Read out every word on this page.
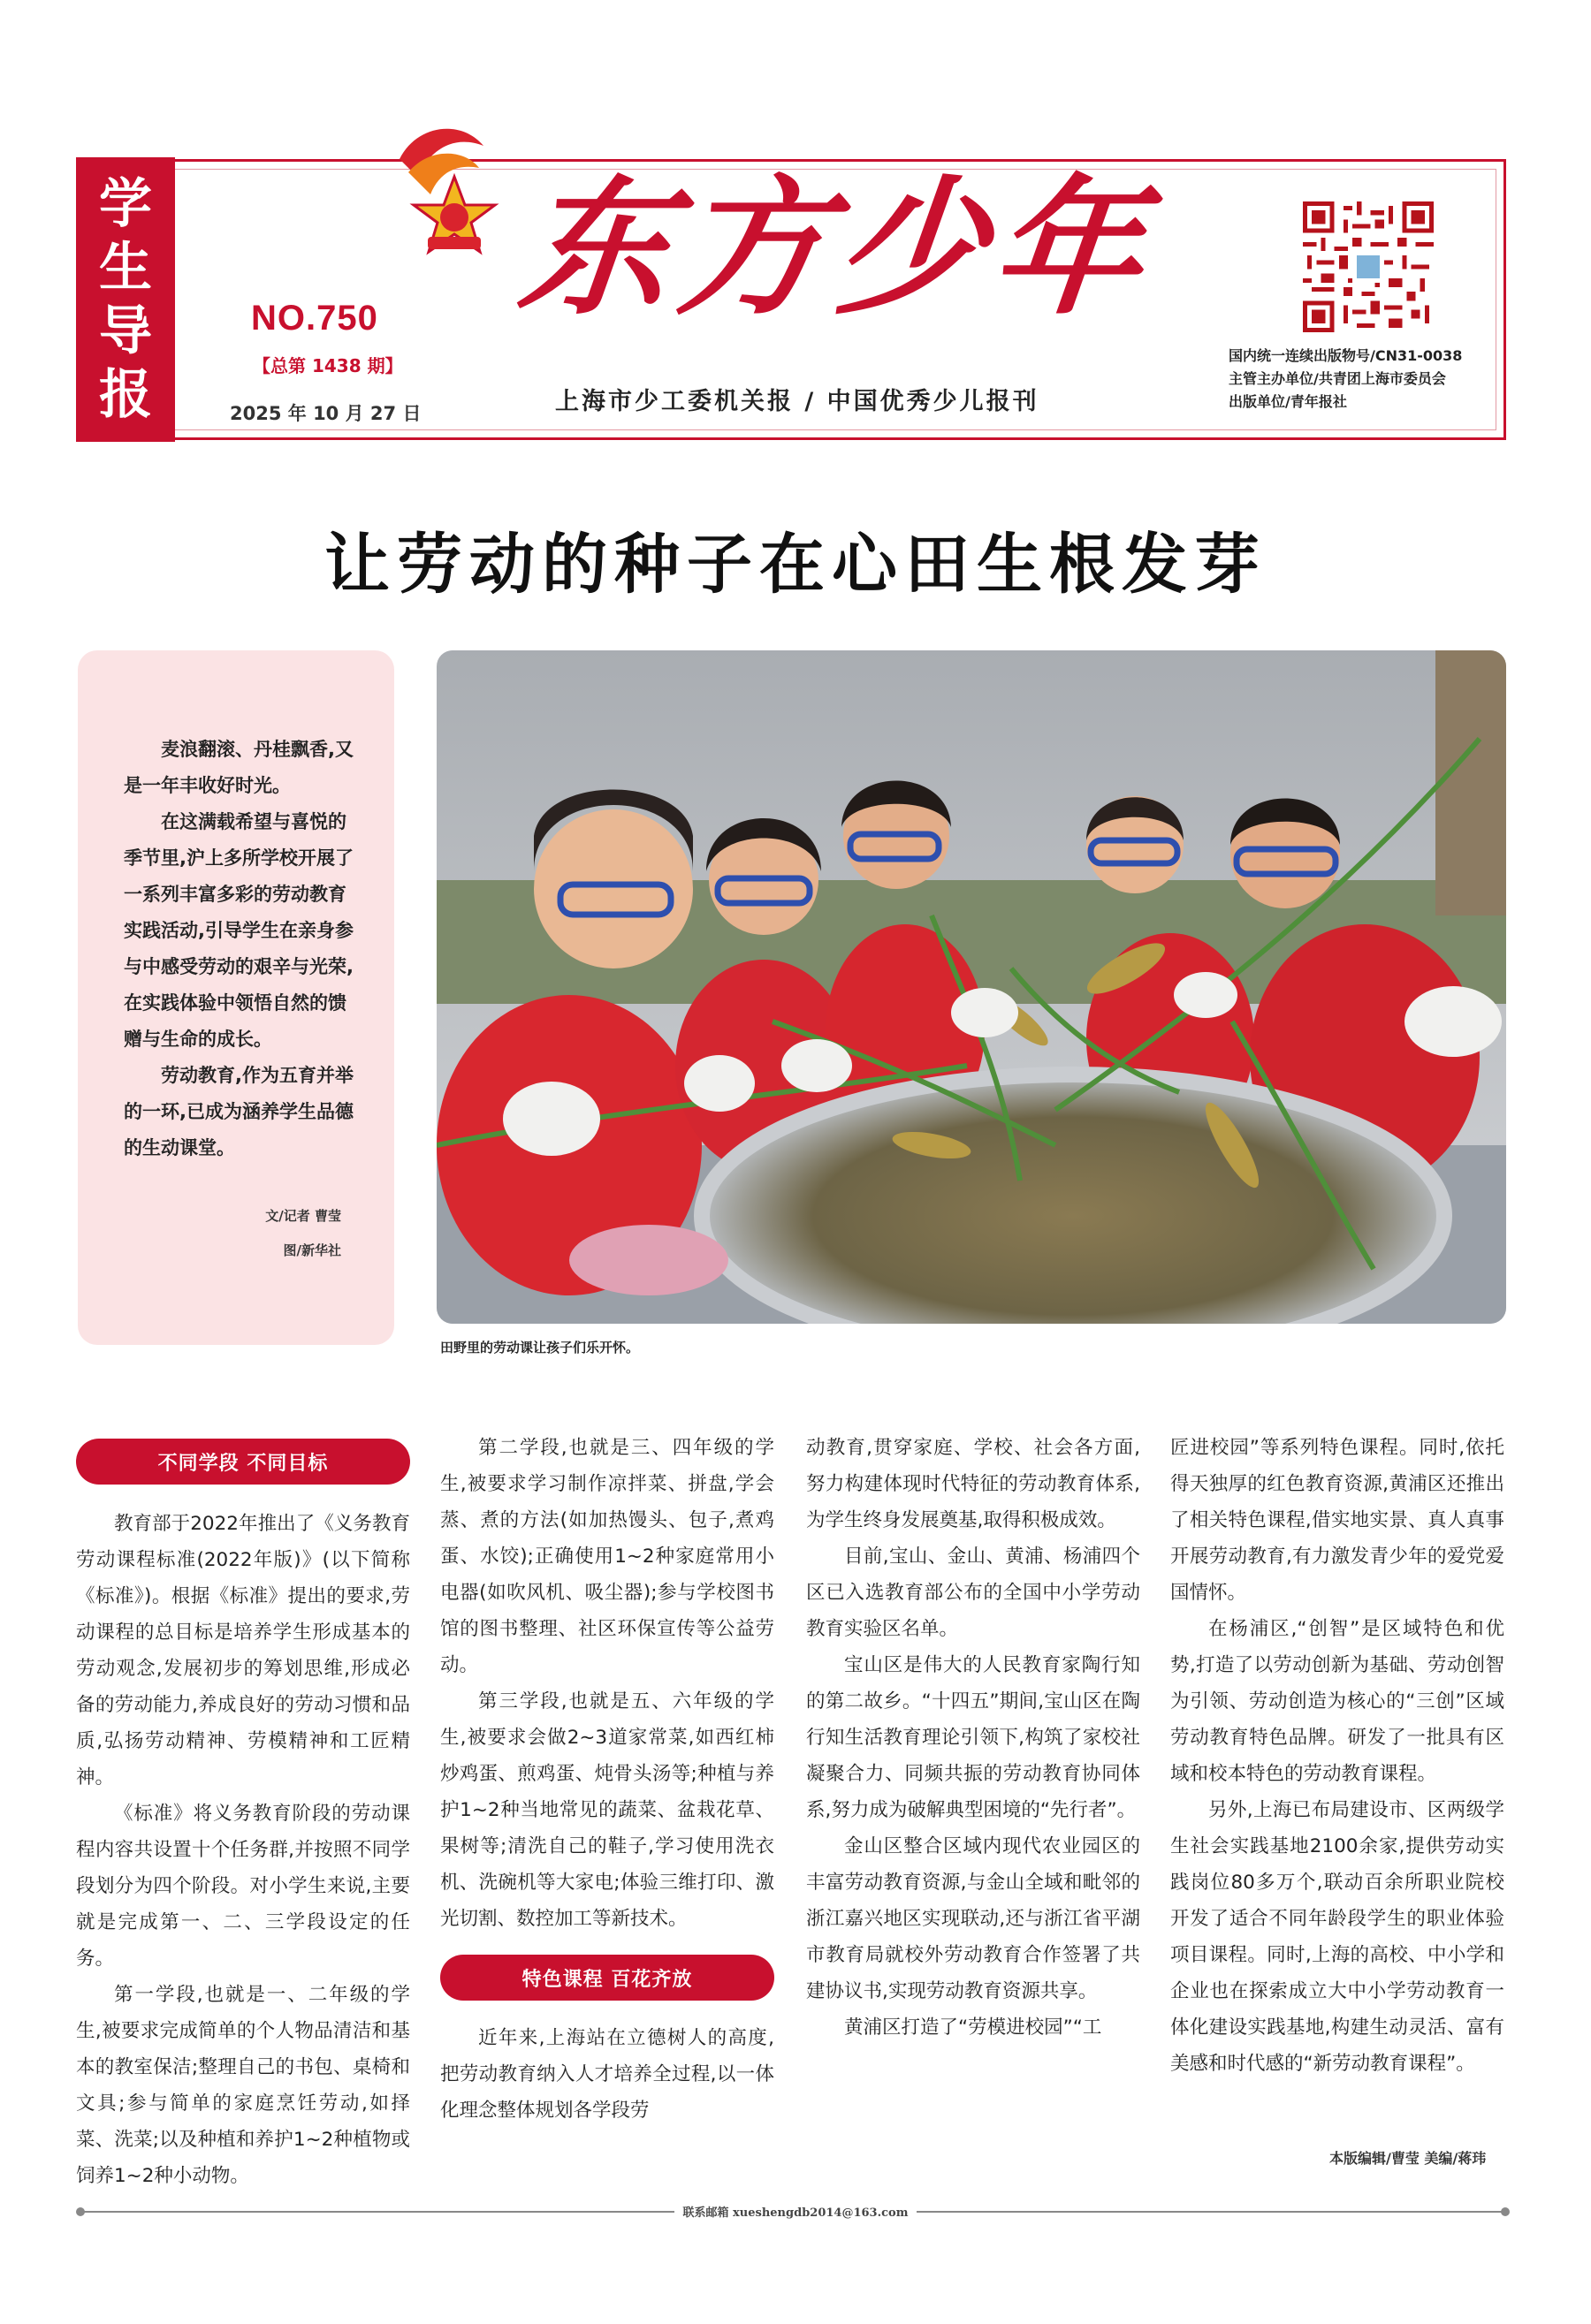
学
生
导
报
东方少年
上海市少工委机关报 / 中国优秀少儿报刊
NO.750
【总第 1438 期】
2025 年 10 月 27 日
国内统一连续出版物号/CN31-0038
主管主办单位/共青团上海市委员会
出版单位/青年报社
让劳动的种子在心田生根发芽

麦浪翻滚、丹桂飘香,又是一年丰收好时光。

在这满载希望与喜悦的季节里,沪上多所学校开展了一系列丰富多彩的劳动教育实践活动,引导学生在亲身参与中感受劳动的艰辛与光荣,在实践体验中领悟自然的馈赠与生命的成长。

劳动教育,作为五育并举的一环,已成为涵养学生品德的生动课堂。

文/记者 曹莹
图/新华社
田野里的劳动课让孩子们乐开怀。
不同学段 不同目标

教育部于2022年推出了《义务教育劳动课程标准(2022年版)》(以下简称《标准》)。根据《标准》提出的要求,劳动课程的总目标是培养学生形成基本的劳动观念,发展初步的筹划思维,形成必备的劳动能力,养成良好的劳动习惯和品质,弘扬劳动精神、劳模精神和工匠精神。

《标准》将义务教育阶段的劳动课程内容共设置十个任务群,并按照不同学段划分为四个阶段。对小学生来说,主要就是完成第一、二、三学段设定的任务。

第一学段,也就是一、二年级的学生,被要求完成简单的个人物品清洁和基本的教室保洁;整理自己的书包、桌椅和文具;参与简单的家庭烹饪劳动,如择菜、洗菜;以及种植和养护1~2种植物或饲养1~2种小动物。

第二学段,也就是三、四年级的学生,被要求学习制作凉拌菜、拼盘,学会蒸、煮的方法(如加热馒头、包子,煮鸡蛋、水饺);正确使用1~2种家庭常用小电器(如吹风机、吸尘器);参与学校图书馆的图书整理、社区环保宣传等公益劳动。

第三学段,也就是五、六年级的学生,被要求会做2~3道家常菜,如西红柿炒鸡蛋、煎鸡蛋、炖骨头汤等;种植与养护1~2种当地常见的蔬菜、盆栽花草、果树等;清洗自己的鞋子,学习使用洗衣机、洗碗机等大家电;体验三维打印、激光切割、数控加工等新技术。

特色课程 百花齐放

近年来,上海站在立德树人的高度,把劳动教育纳入人才培养全过程,以一体化理念整体规划各学段劳

动教育,贯穿家庭、学校、社会各方面,努力构建体现时代特征的劳动教育体系,为学生终身发展奠基,取得积极成效。

目前,宝山、金山、黄浦、杨浦四个区已入选教育部公布的全国中小学劳动教育实验区名单。

宝山区是伟大的人民教育家陶行知的第二故乡。“十四五”期间,宝山区在陶行知生活教育理论引领下,构筑了家校社凝聚合力、同频共振的劳动教育协同体系,努力成为破解典型困境的“先行者”。

金山区整合区域内现代农业园区的丰富劳动教育资源,与金山全域和毗邻的浙江嘉兴地区实现联动,还与浙江省平湖市教育局就校外劳动教育合作签署了共建协议书,实现劳动教育资源共享。

黄浦区打造了“劳模进校园”“工

匠进校园”等系列特色课程。同时,依托得天独厚的红色教育资源,黄浦区还推出了相关特色课程,借实地实景、真人真事开展劳动教育,有力激发青少年的爱党爱国情怀。

在杨浦区,“创智”是区域特色和优势,打造了以劳动创新为基础、劳动创智为引领、劳动创造为核心的“三创”区域劳动教育特色品牌。研发了一批具有区域和校本特色的劳动教育课程。

另外,上海已布局建设市、区两级学生社会实践基地2100余家,提供劳动实践岗位80多万个,联动百余所职业院校开发了适合不同年龄段学生的职业体验项目课程。同时,上海的高校、中小学和企业也在探索成立大中小学劳动教育一体化建设实践基地,构建生动灵活、富有美感和时代感的“新劳动教育课程”。

本版编辑/曹莹 美编/蒋玮
联系邮箱 xueshengdb2014@163.com
